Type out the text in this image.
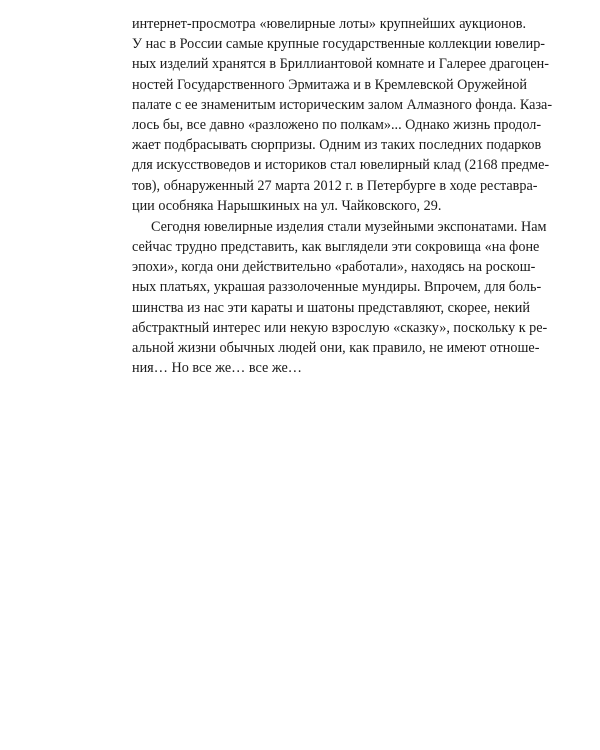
интернет-просмотра «ювелирные лоты» крупнейших аукционов.
У нас в России самые крупные государственные коллекции ювелир-
ных изделий хранятся в Бриллиантовой комнате и Галерее драгоцен-
ностей Государственного Эрмитажа и в Кремлевской Оружейной
палате с ее знаменитым историческим залом Алмазного фонда. Каза-
лось бы, все давно «разложено по полкам»... Однако жизнь продол-
жает подбрасывать сюрпризы. Одним из таких последних подарков
для искусствоведов и историков стал ювелирный клад (2168 предме-
тов), обнаруженный 27 марта 2012 г. в Петербурге в ходе реставра-
ции особняка Нарышкиных на ул. Чайковского, 29.
Сегодня ювелирные изделия стали музейными экспонатами. Нам
сейчас трудно представить, как выглядели эти сокровища «на фоне
эпохи», когда они действительно «работали», находясь на роскош-
ных платьях, украшая раззолоченные мундиры. Впрочем, для боль-
шинства из нас эти караты и шатоны представляют, скорее, некий
абстрактный интерес или некую взрослую «сказку», поскольку к ре-
альной жизни обычных людей они, как правило, не имеют отноше-
ния… Но все же… все же…
